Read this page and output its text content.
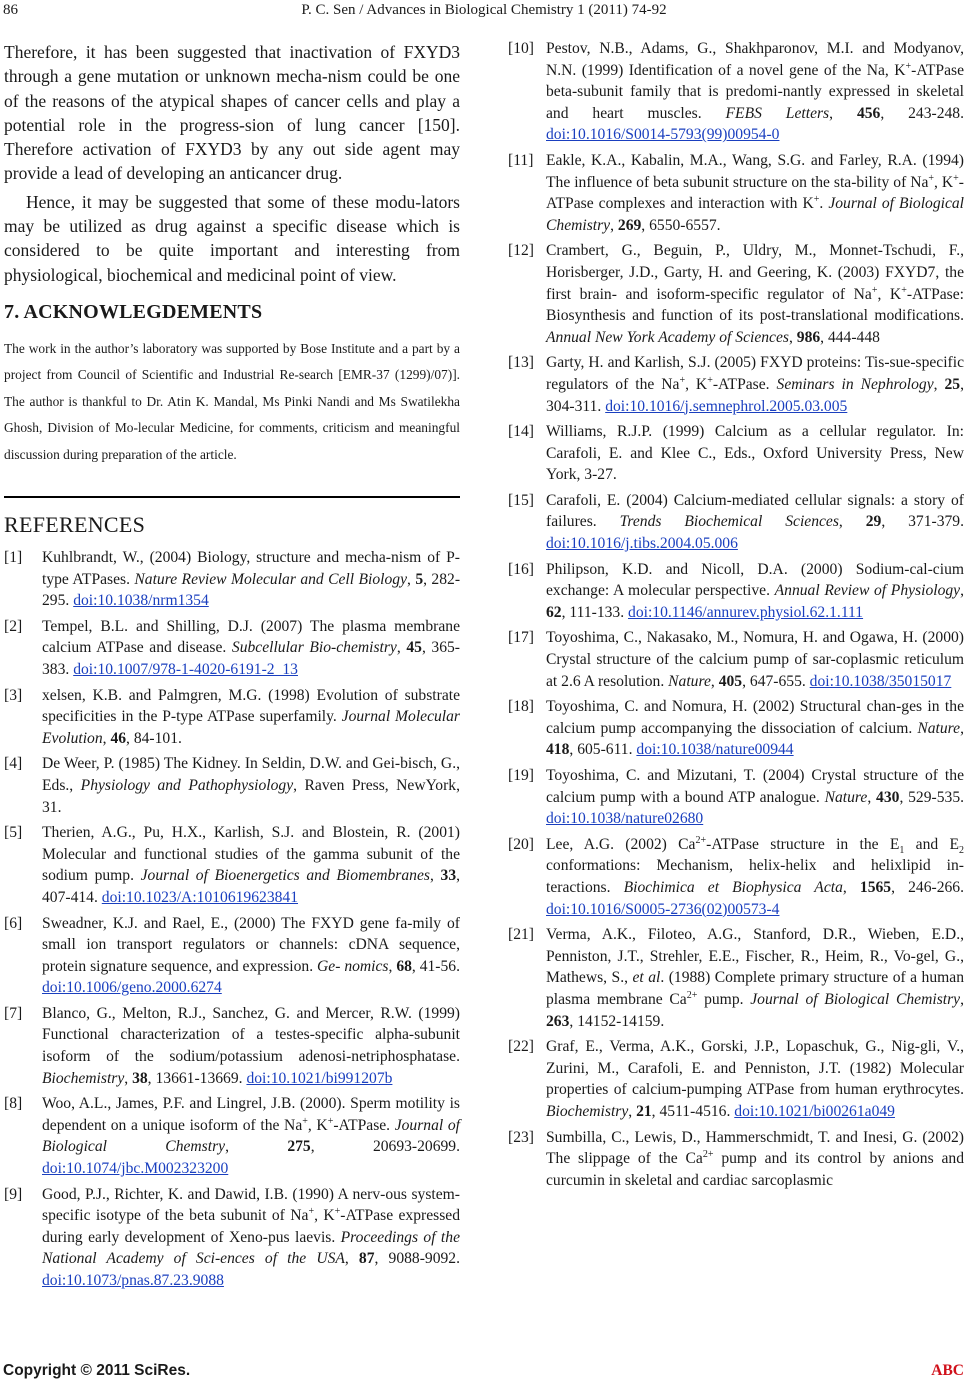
86	P. C. Sen / Advances in Biological Chemistry 1 (2011) 74-92

Therefore, it has been suggested that inactivation of FXYD3 through a gene mutation or unknown mecha-nism could be one of the reasons of the atypical shapes of cancer cells and play a potential role in the progress-sion of lung cancer [150]. Therefore activation of FXYD3 by any out side agent may provide a lead of developing an anticancer drug.

Hence, it may be suggested that some of these modu-lators may be utilized as drug against a specific disease which is considered to be quite important and interesting from physiological, biochemical and medicinal point of view.

7. ACKNOWLEGDEMENTS

The work in the author’s laboratory was supported by Bose Institute and a part by a project from Council of Scientific and Industrial Re-search [EMR-37 (1299)/07)]. The author is thankful to Dr. Atin K. Mandal, Ms Pinki Nandi and Ms Swatilekha Ghosh, Division of Mo-lecular Medicine, for comments, criticism and meaningful discussion during preparation of the article.

REFERENCES
[1] Kuhlbrandt, W., (2004) Biology, structure and mecha-nism of P-type ATPases. Nature Review Molecular and Cell Biology, 5, 282-295. doi:10.1038/nrm1354
[2] Tempel, B.L. and Shilling, D.J. (2007) The plasma membrane calcium ATPase and disease. Subcellular Bio-chemistry, 45, 365-383. doi:10.1007/978-1-4020-6191-2_13
[3] xelsen, K.B. and Palmgren, M.G. (1998) Evolution of substrate specificities in the P-type ATPase superfamily. Journal Molecular Evolution, 46, 84-101.
[4] De Weer, P. (1985) The Kidney. In Seldin, D.W. and Gei-bisch, G., Eds., Physiology and Pathophysiology, Raven Press, NewYork, 31.
[5] Therien, A.G., Pu, H.X., Karlish, S.J. and Blostein, R. (2001) Molecular and functional studies of the gamma subunit of the sodium pump. Journal of Bioenergetics and Biomembranes, 33, 407-414. doi:10.1023/A:1010619623841
[6] Sweadner, K.J. and Rael, E., (2000) The FXYD gene fa-mily of small ion transport regulators or channels: cDNA sequence, protein signature sequence, and expression. Ge- nomics, 68, 41-56. doi:10.1006/geno.2000.6274
[7] Blanco, G., Melton, R.J., Sanchez, G. and Mercer, R.W. (1999) Functional characterization of a testes-specific alpha-subunit isoform of the sodium/potassium adenosi-netriphosphatase. Biochemistry, 38, 13661-13669. doi:10.1021/bi991207b
[8] Woo, A.L., James, P.F. and Lingrel, J.B. (2000). Sperm motility is dependent on a unique isoform of the Na+, K+-ATPase. Journal of Biological Chemstry, 275, 20693-20699. doi:10.1074/jbc.M002323200
[9] Good, P.J., Richter, K. and Dawid, I.B. (1990) A nerv-ous system-specific isotype of the beta subunit of Na+, K+-ATPase expressed during early development of Xeno-pus laevis. Proceedings of the National Academy of Sci-ences of the USA, 87, 9088-9092. doi:10.1073/pnas.87.23.9088
[10] Pestov, N.B., Adams, G., Shakhparonov, M.I. and Modyanov, N.N. (1999) Identification of a novel gene of the Na, K+-ATPase beta-subunit family that is predomi-nantly expressed in skeletal and heart muscles. FEBS Letters, 456, 243-248. doi:10.1016/S0014-5793(99)00954-0
[11] Eakle, K.A., Kabalin, M.A., Wang, S.G. and Farley, R.A. (1994) The influence of beta subunit structure on the sta-bility of Na+, K+-ATPase complexes and interaction with K+. Journal of Biological Chemistry, 269, 6550-6557.
[12] Crambert, G., Beguin, P., Uldry, M., Monnet-Tschudi, F., Horisberger, J.D., Garty, H. and Geering, K. (2003) FXYD7, the first brain- and isoform-specific regulator of Na+, K+-ATPase: Biosynthesis and function of its post-translational modifications. Annual New York Academy of Sciences, 986, 444-448
[13] Garty, H. and Karlish, S.J. (2005) FXYD proteins: Tis-sue-specific regulators of the Na+, K+-ATPase. Seminars in Nephrology, 25, 304-311. doi:10.1016/j.semnephrol.2005.03.005
[14] Williams, R.J.P. (1999) Calcium as a cellular regulator. In: Carafoli, E. and Klee C., Eds., Oxford University Press, New York, 3-27.
[15] Carafoli, E. (2004) Calcium-mediated cellular signals: a story of failures. Trends Biochemical Sciences, 29, 371-379. doi:10.1016/j.tibs.2004.05.006
[16] Philipson, K.D. and Nicoll, D.A. (2000) Sodium-cal-cium exchange: A molecular perspective. Annual Review of Physiology, 62, 111-133. doi:10.1146/annurev.physiol.62.1.111
[17] Toyoshima, C., Nakasako, M., Nomura, H. and Ogawa, H. (2000) Crystal structure of the calcium pump of sar-coplasmic reticulum at 2.6 A resolution. Nature, 405, 647-655. doi:10.1038/35015017
[18] Toyoshima, C. and Nomura, H. (2002) Structural chan-ges in the calcium pump accompanying the dissociation of calcium. Nature, 418, 605-611. doi:10.1038/nature00944
[19] Toyoshima, C. and Mizutani, T. (2004) Crystal structure of the calcium pump with a bound ATP analogue. Nature, 430, 529-535. doi:10.1038/nature02680
[20] Lee, A.G. (2002) $Ca^{2+}$-ATPase structure in the $E_1$ and $E_2$ conformations: Mechanism, helix-helix and helixlipid in-teractions. Biochimica et Biophysica Acta, 1565, 246-266. doi:10.1016/S0005-2736(02)00573-4
[21] Verma, A.K., Filoteo, A.G., Stanford, D.R., Wieben, E.D., Penniston, J.T., Strehler, E.E., Fischer, R., Heim, R., Vo-gel, G., Mathews, S., et al. (1988) Complete primary structure of a human plasma membrane $Ca^{2+}$ pump. Journal of Biological Chemistry, 263, 14152-14159.
[22] Graf, E., Verma, A.K., Gorski, J.P., Lopaschuk, G., Nig-gli, V., Zurini, M., Carafoli, E. and Penniston, J.T. (1982) Molecular properties of calcium-pumping ATPase from human erythrocytes. Biochemistry, 21, 4511-4516. doi:10.1021/bi00261a049
[23] Sumbilla, C., Lewis, D., Hammerschmidt, T. and Inesi, G. (2002) The slippage of the $Ca^{2+}$ pump and its control by anions and curcumin in skeletal and cardiac sarcoplasmic
Copyright © 2011 SciRes.	ABC
